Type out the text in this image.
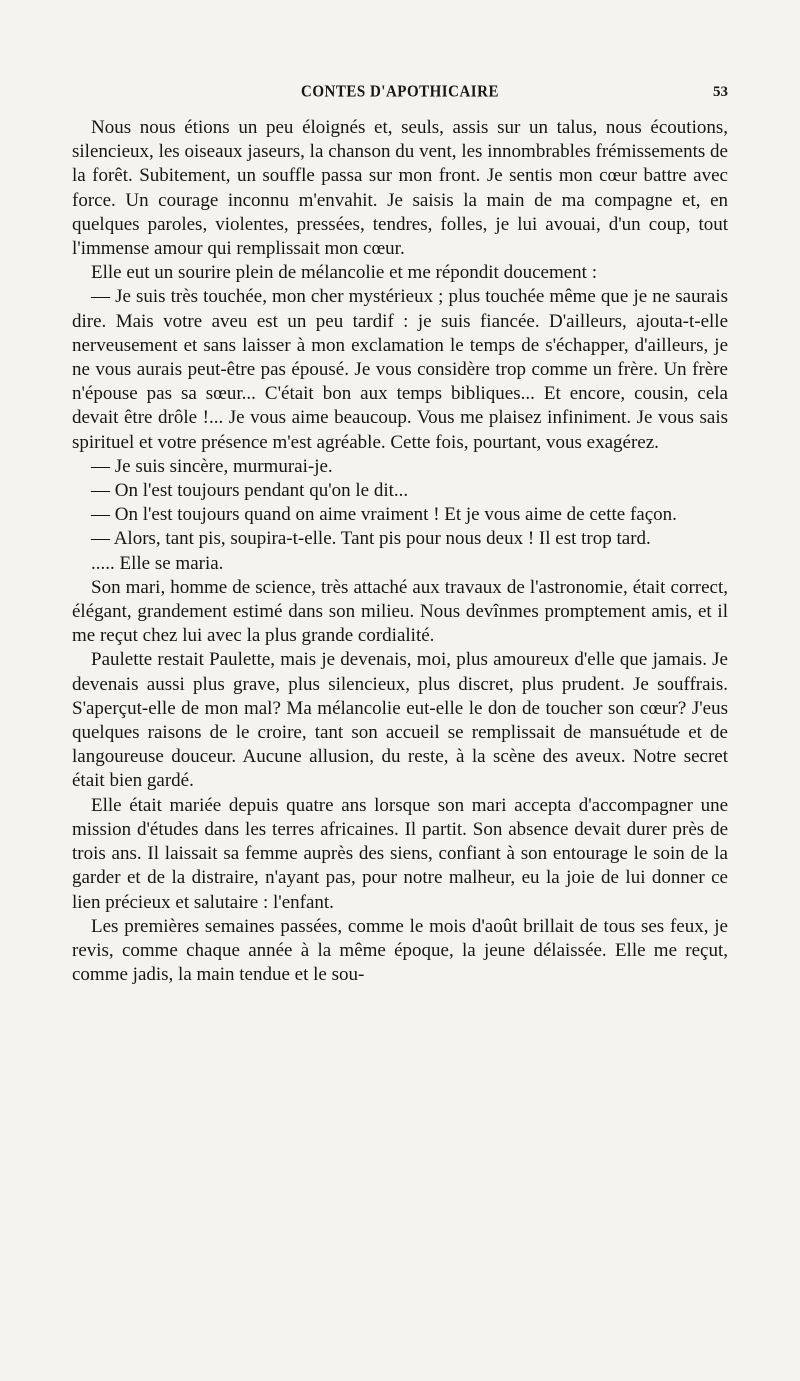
CONTES D'APOTHICAIRE	53

Nous nous étions un peu éloignés et, seuls, assis sur un talus, nous écoutions, silencieux, les oiseaux jaseurs, la chanson du vent, les innombrables frémissements de la forêt. Subitement, un souffle passa sur mon front. Je sentis mon cœur battre avec force. Un courage inconnu m'envahit. Je saisis la main de ma compagne et, en quelques paroles, violentes, pressées, tendres, folles, je lui avouai, d'un coup, tout l'immense amour qui remplissait mon cœur.

Elle eut un sourire plein de mélancolie et me répondit doucement :

— Je suis très touchée, mon cher mystérieux ; plus touchée même que je ne saurais dire. Mais votre aveu est un peu tardif : je suis fiancée. D'ailleurs, ajouta-t-elle nerveusement et sans laisser à mon exclamation le temps de s'échapper, d'ailleurs, je ne vous aurais peut-être pas épousé. Je vous considère trop comme un frère. Un frère n'épouse pas sa sœur... C'était bon aux temps bibliques... Et encore, cousin, cela devait être drôle !... Je vous aime beaucoup. Vous me plaisez infiniment. Je vous sais spirituel et votre présence m'est agréable. Cette fois, pourtant, vous exagérez.

— Je suis sincère, murmurai-je.

— On l'est toujours pendant qu'on le dit...

— On l'est toujours quand on aime vraiment ! Et je vous aime de cette façon.

— Alors, tant pis, soupira-t-elle. Tant pis pour nous deux ! Il est trop tard.

..... Elle se maria.

Son mari, homme de science, très attaché aux travaux de l'astronomie, était correct, élégant, grandement estimé dans son milieu. Nous devînmes promptement amis, et il me reçut chez lui avec la plus grande cordialité.

Paulette restait Paulette, mais je devenais, moi, plus amoureux d'elle que jamais. Je devenais aussi plus grave, plus silencieux, plus discret, plus prudent. Je souffrais. S'aperçut-elle de mon mal? Ma mélancolie eut-elle le don de toucher son cœur? J'eus quelques raisons de le croire, tant son accueil se remplissait de mansuétude et de langoureuse douceur. Aucune allusion, du reste, à la scène des aveux. Notre secret était bien gardé.

Elle était mariée depuis quatre ans lorsque son mari accepta d'accompagner une mission d'études dans les terres africaines. Il partit. Son absence devait durer près de trois ans. Il laissait sa femme auprès des siens, confiant à son entourage le soin de la garder et de la distraire, n'ayant pas, pour notre malheur, eu la joie de lui donner ce lien précieux et salutaire : l'enfant.

Les premières semaines passées, comme le mois d'août brillait de tous ses feux, je revis, comme chaque année à la même époque, la jeune délaissée. Elle me reçut, comme jadis, la main tendue et le sou-
